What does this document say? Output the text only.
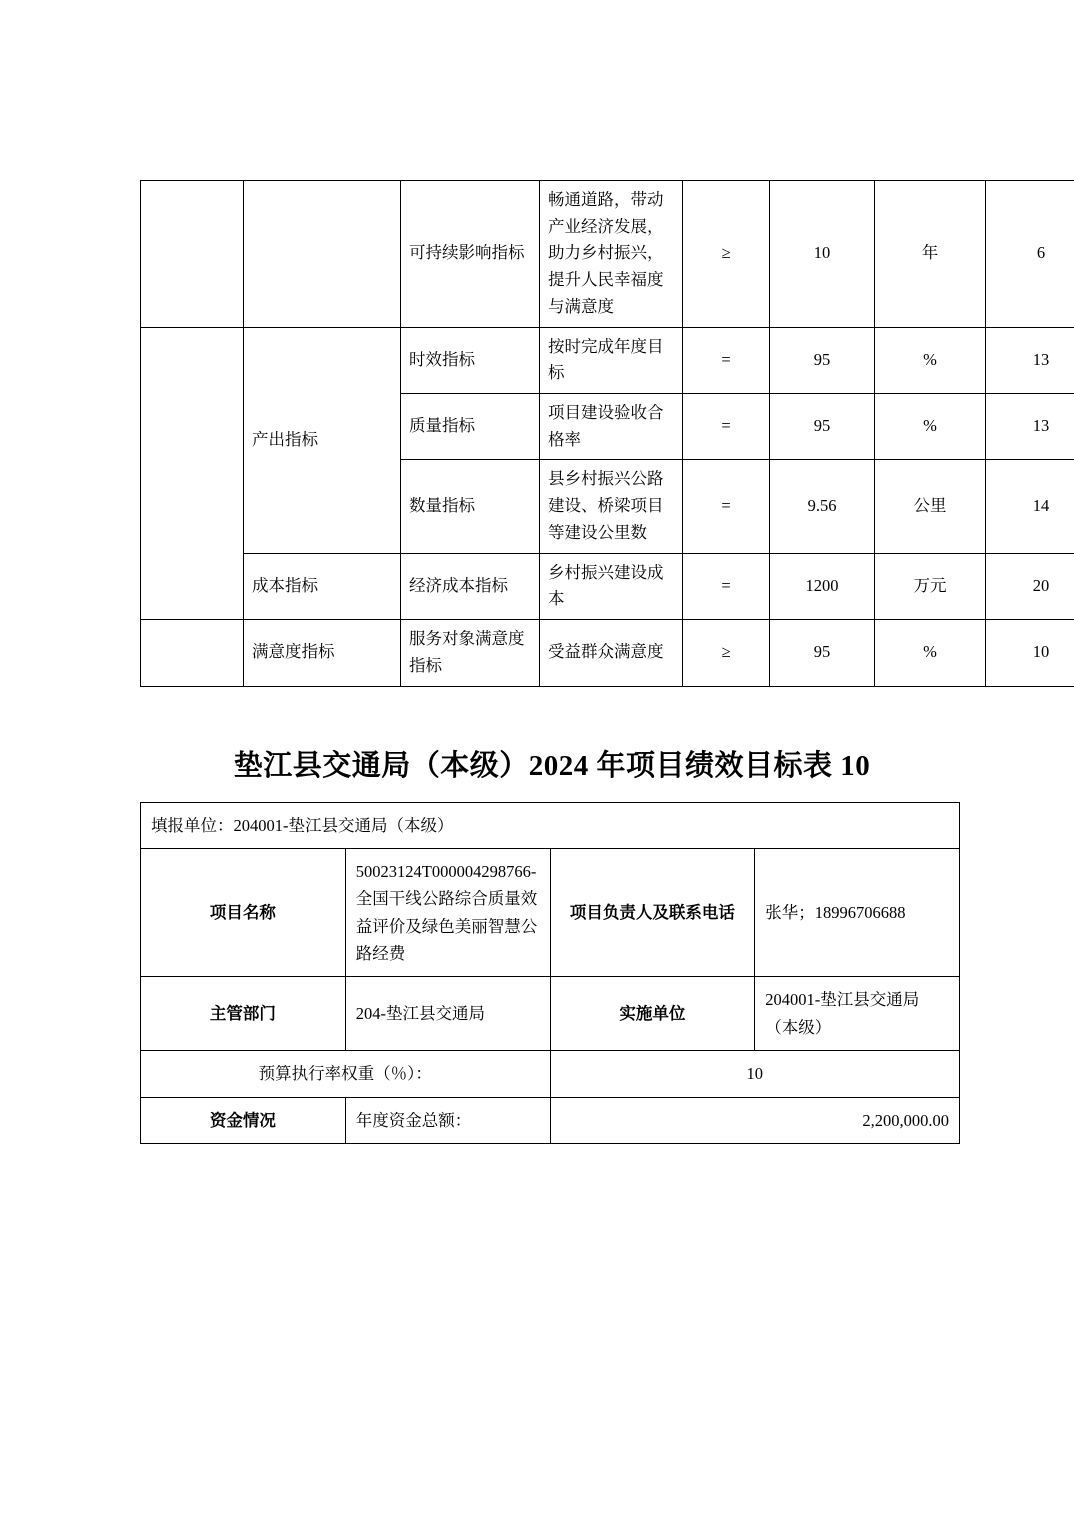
		可持续影响指标	畅通道路，带动产业经济发展，助力乡村振兴，提升人民幸福度与满意度	≥	10	年	6
	产出指标	时效指标	按时完成年度目标	=	95	%	13
		质量指标	项目建设验收合格率	=	95	%	13
		数量指标	县乡村振兴公路建设、桥梁项目等建设公里数	=	9.56	公里	14
	成本指标	经济成本指标	乡村振兴建设成本	=	1200	万元	20
	满意度指标	服务对象满意度指标	受益群众满意度	≥	95	%	10
垫江县交通局（本级）2024 年项目绩效目标表 10
填报单位：204001-垫江县交通局（本级）			
项目名称	50023124T000004298766-全国干线公路综合质量效益评价及绿色美丽智慧公路经费	项目负责人及联系电话	张华；18996706688
主管部门	204-垫江县交通局	实施单位	204001-垫江县交通局（本级）
预算执行率权重（％）：		10	
资金情况	年度资金总额：	2,200,000.00	
